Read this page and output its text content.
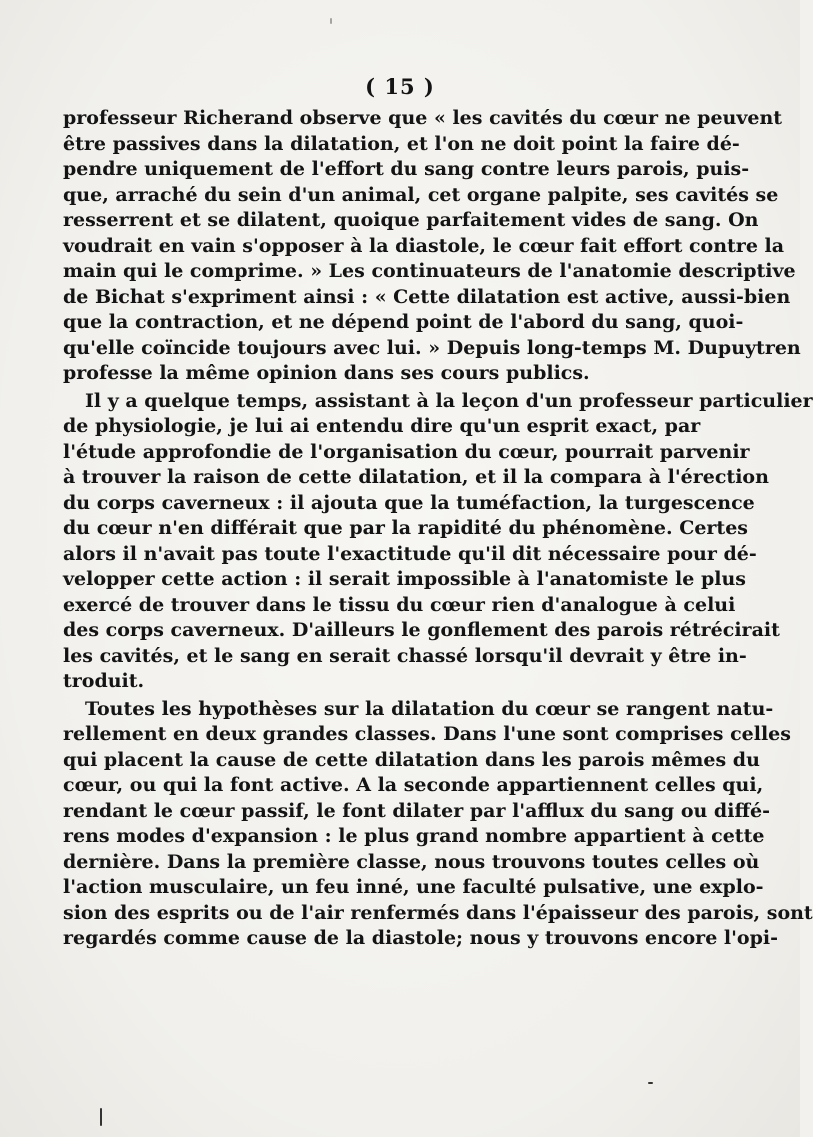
( 15 )
professeur Richerand observe que « les cavités du cœur ne peuvent
être passives dans la dilatation, et l'on ne doit point la faire dé-
pendre uniquement de l'effort du sang contre leurs parois, puis-
que, arraché du sein d'un animal, cet organe palpite, ses cavités se
resserrent et se dilatent, quoique parfaitement vides de sang. On
voudrait en vain s'opposer à la diastole, le cœur fait effort contre la
main qui le comprime. » Les continuateurs de l'anatomie descriptive
de Bichat s'expriment ainsi : « Cette dilatation est active, aussi-bien
que la contraction, et ne dépend point de l'abord du sang, quoi-
qu'elle coïncide toujours avec lui. » Depuis long-temps M. Dupuytren
professe la même opinion dans ses cours publics.
Il y a quelque temps, assistant à la leçon d'un professeur particulier
de physiologie, je lui ai entendu dire qu'un esprit exact, par
l'étude approfondie de l'organisation du cœur, pourrait parvenir
à trouver la raison de cette dilatation, et il la compara à l'érection
du corps caverneux : il ajouta que la tuméfaction, la turgescence
du cœur n'en différait que par la rapidité du phénomène. Certes
alors il n'avait pas toute l'exactitude qu'il dit nécessaire pour dé-
velopper cette action : il serait impossible à l'anatomiste le plus
exercé de trouver dans le tissu du cœur rien d'analogue à celui
des corps caverneux. D'ailleurs le gonflement des parois rétrécirait
les cavités, et le sang en serait chassé lorsqu'il devrait y être in-
troduit.
Toutes les hypothèses sur la dilatation du cœur se rangent natu-
rellement en deux grandes classes. Dans l'une sont comprises celles
qui placent la cause de cette dilatation dans les parois mêmes du
cœur, ou qui la font active. A la seconde appartiennent celles qui,
rendant le cœur passif, le font dilater par l'afflux du sang ou diffé-
rens modes d'expansion : le plus grand nombre appartient à cette
dernière. Dans la première classe, nous trouvons toutes celles où
l'action musculaire, un feu inné, une faculté pulsative, une explo-
sion des esprits ou de l'air renfermés dans l'épaisseur des parois, sont
regardés comme cause de la diastole; nous y trouvons encore l'opi-
